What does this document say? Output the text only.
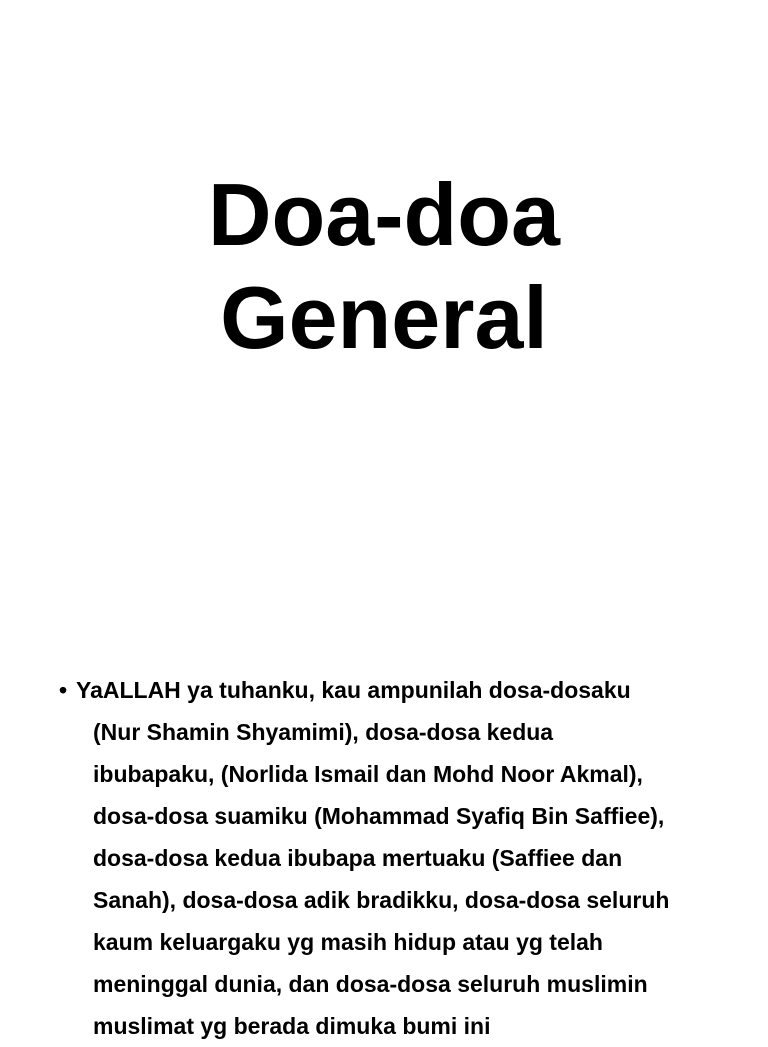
Doa-doa
General
• YaALLAH ya tuhanku, kau ampunilah dosa-dosaku
(Nur Shamin Shyamimi), dosa-dosa kedua
ibubapaku, (Norlida Ismail dan Mohd Noor Akmal),
dosa-dosa suamiku (Mohammad Syafiq Bin Saffiee),
dosa-dosa kedua ibubapa mertuaku (Saffiee dan
Sanah), dosa-dosa adik bradikku, dosa-dosa seluruh
kaum keluargaku yg masih hidup atau yg telah
meninggal dunia, dan dosa-dosa seluruh muslimin
muslimat yg berada dimuka bumi ini
